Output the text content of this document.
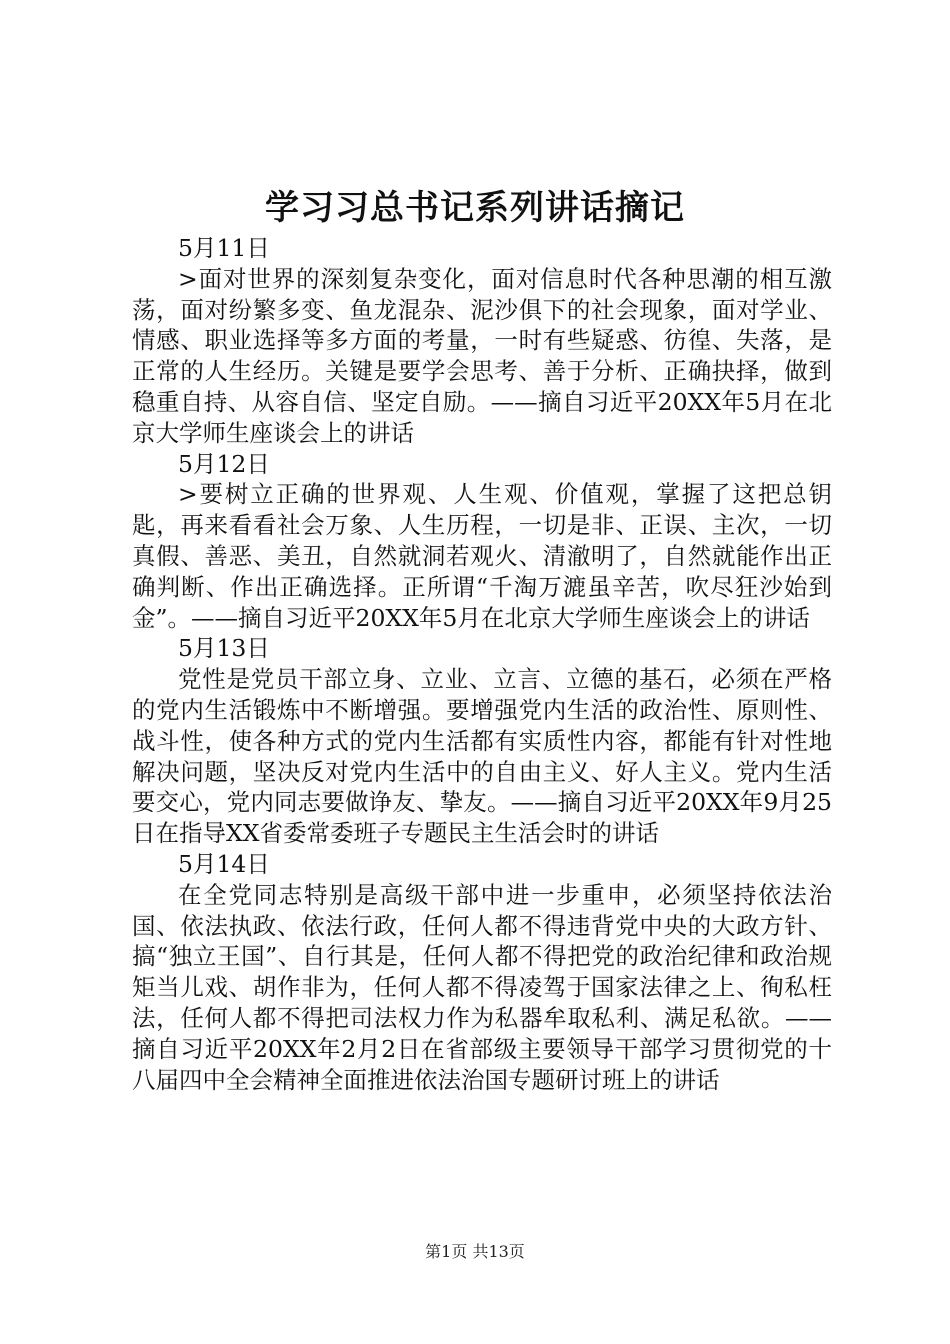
学习习总书记系列讲话摘记

5月11日

>面对世界的深刻复杂变化，面对信息时代各种思潮的相互激荡，面对纷繁多变、鱼龙混杂、泥沙俱下的社会现象，面对学业、情感、职业选择等多方面的考量，一时有些疑惑、彷徨、失落，是正常的人生经历。关键是要学会思考、善于分析、正确抉择，做到稳重自持、从容自信、坚定自励。——摘自习近平20XX年5月在北京大学师生座谈会上的讲话

5月12日

>要树立正确的世界观、人生观、价值观，掌握了这把总钥匙，再来看看社会万象、人生历程，一切是非、正误、主次，一切真假、善恶、美丑，自然就洞若观火、清澈明了，自然就能作出正确判断、作出正确选择。正所谓“千淘万漉虽辛苦，吹尽狂沙始到金”。——摘自习近平20XX年5月在北京大学师生座谈会上的讲话

5月13日

党性是党员干部立身、立业、立言、立德的基石，必须在严格的党内生活锻炼中不断增强。要增强党内生活的政治性、原则性、战斗性，使各种方式的党内生活都有实质性内容，都能有针对性地解决问题，坚决反对党内生活中的自由主义、好人主义。党内生活要交心，党内同志要做诤友、挚友。——摘自习近平20XX年9月25日在指导XX省委常委班子专题民主生活会时的讲话

5月14日

在全党同志特别是高级干部中进一步重申，必须坚持依法治国、依法执政、依法行政，任何人都不得违背党中央的大政方针、搞“独立王国”、自行其是，任何人都不得把党的政治纪律和政治规矩当儿戏、胡作非为，任何人都不得凌驾于国家法律之上、徇私枉法，任何人都不得把司法权力作为私器牟取私利、满足私欲。——摘自习近平20XX年2月2日在省部级主要领导干部学习贯彻党的十八届四中全会精神全面推进依法治国专题研讨班上的讲话

第1页 共13页
